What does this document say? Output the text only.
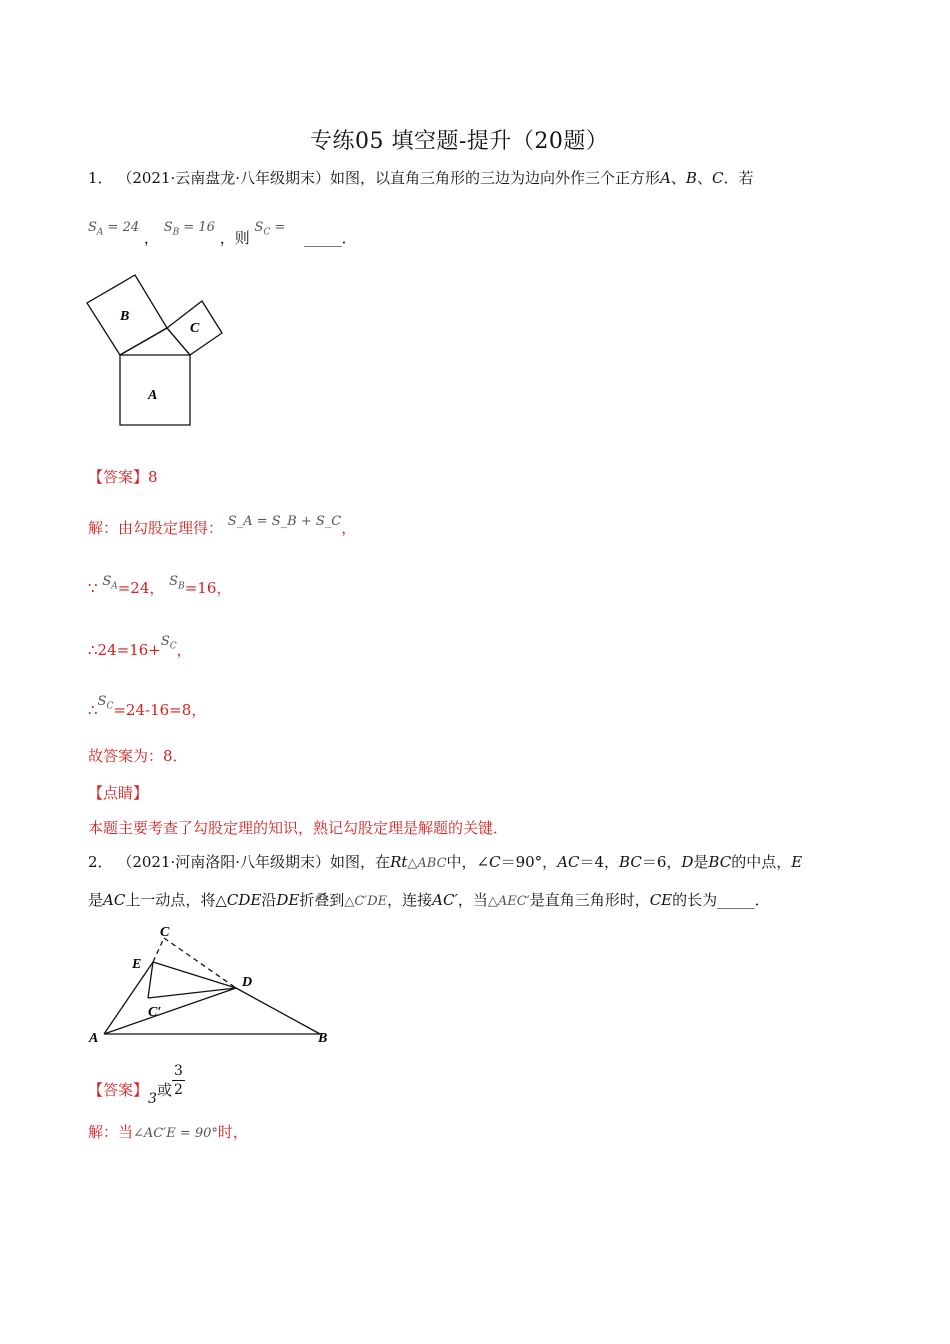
专练05 填空题-提升（20题）
1． （2021·云南盘龙·八年级期末）如图，以直角三角形的三边为边向外作三个正方形A、B、C．若
$S_A = 24$ ， $S_B = 16$ ，则 $S_C$ = _____．
A
B
C
【答案】8
解：由勾股定理得： S_A = S_B + S_C，
∵ $S_A=24$， $S_B=16$，
$\therefore 24=16+S_C$，
$\therefore S_C=24-16=8$，
故答案为：8．
【点睛】
本题主要考查了勾股定理的知识，熟记勾股定理是解题的关键．
2． （2021·河南洛阳·八年级期末）如图，在Rt△ABC中，∠C＝90°，AC＝4，BC＝6，D是BC的中点，E
是AC上一动点，将△CDE沿DE折叠到△C′DE，连接AC′，当△AEC′是直角三角形时，CE的长为_____．
A	B
C
D
E
C′
【答案】3或 $\frac{3}{2}$
解：当∠AC′E = 90°时，
